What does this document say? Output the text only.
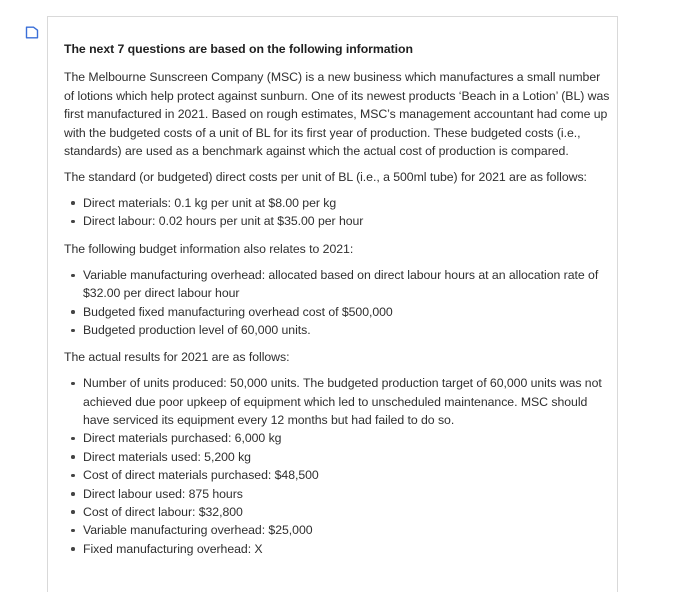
The next 7 questions are based on the following information

The Melbourne Sunscreen Company (MSC) is a new business which manufactures a small number of lotions which help protect against sunburn. One of its newest products ‘Beach in a Lotion’ (BL) was first manufactured in 2021. Based on rough estimates, MSC’s management accountant had come up with the budgeted costs of a unit of BL for its first year of production. These budgeted costs (i.e., standards) are used as a benchmark against which the actual cost of production is compared.

The standard (or budgeted) direct costs per unit of BL (i.e., a 500ml tube) for 2021 are as follows:

Direct materials: 0.1 kg per unit at $8.00 per kg
Direct labour: 0.02 hours per unit at $35.00 per hour

The following budget information also relates to 2021:

Variable manufacturing overhead: allocated based on direct labour hours at an allocation rate of $32.00 per direct labour hour
Budgeted fixed manufacturing overhead cost of $500,000
Budgeted production level of 60,000 units.

The actual results for 2021 are as follows:

Number of units produced: 50,000 units. The budgeted production target of 60,000 units was not achieved due poor upkeep of equipment which led to unscheduled maintenance. MSC should have serviced its equipment every 12 months but had failed to do so.
Direct materials purchased: 6,000 kg
Direct materials used: 5,200 kg
Cost of direct materials purchased: $48,500
Direct labour used: 875 hours
Cost of direct labour: $32,800
Variable manufacturing overhead: $25,000
Fixed manufacturing overhead: X
